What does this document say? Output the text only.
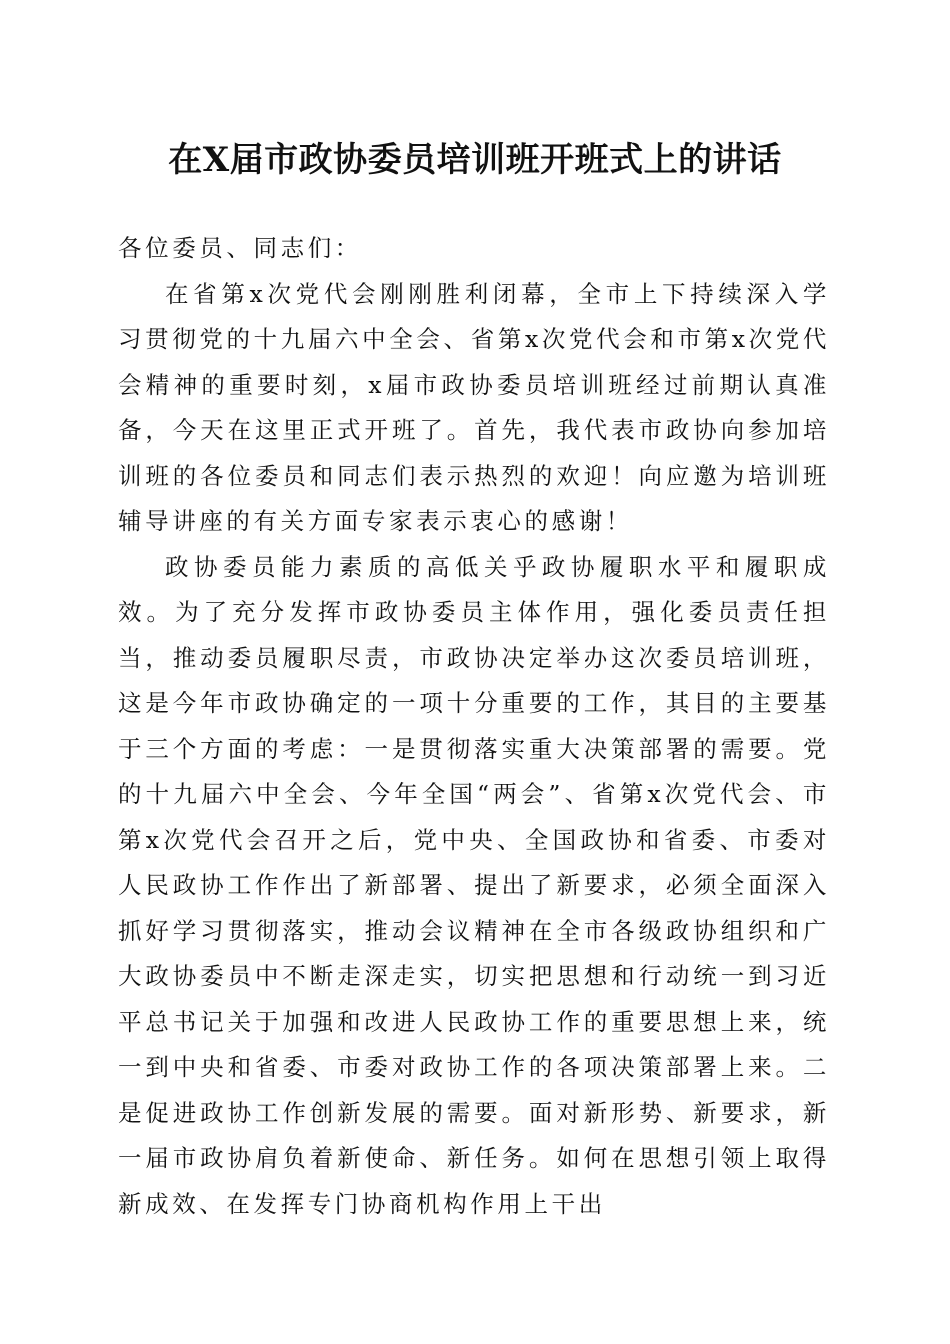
在X届市政协委员培训班开班式上的讲话

各位委员、同志们：

在省第x次党代会刚刚胜利闭幕，全市上下持续深入学习贯彻党的十九届六中全会、省第x次党代会和市第x次党代会精神的重要时刻，x届市政协委员培训班经过前期认真准备，今天在这里正式开班了。首先，我代表市政协向参加培训班的各位委员和同志们表示热烈的欢迎！向应邀为培训班辅导讲座的有关方面专家表示衷心的感谢！

政协委员能力素质的高低关乎政协履职水平和履职成效。为了充分发挥市政协委员主体作用，强化委员责任担当，推动委员履职尽责，市政协决定举办这次委员培训班，这是今年市政协确定的一项十分重要的工作，其目的主要基于三个方面的考虑：一是贯彻落实重大决策部署的需要。党的十九届六中全会、今年全国“两会”、省第x次党代会、市第x次党代会召开之后，党中央、全国政协和省委、市委对人民政协工作作出了新部署、提出了新要求，必须全面深入抓好学习贯彻落实，推动会议精神在全市各级政协组织和广大政协委员中不断走深走实，切实把思想和行动统一到习近平总书记关于加强和改进人民政协工作的重要思想上来，统一到中央和省委、市委对政协工作的各项决策部署上来。二是促进政协工作创新发展的需要。面对新形势、新要求，新一届市政协肩负着新使命、新任务。如何在思想引领上取得新成效、在发挥专门协商机构作用上干出
